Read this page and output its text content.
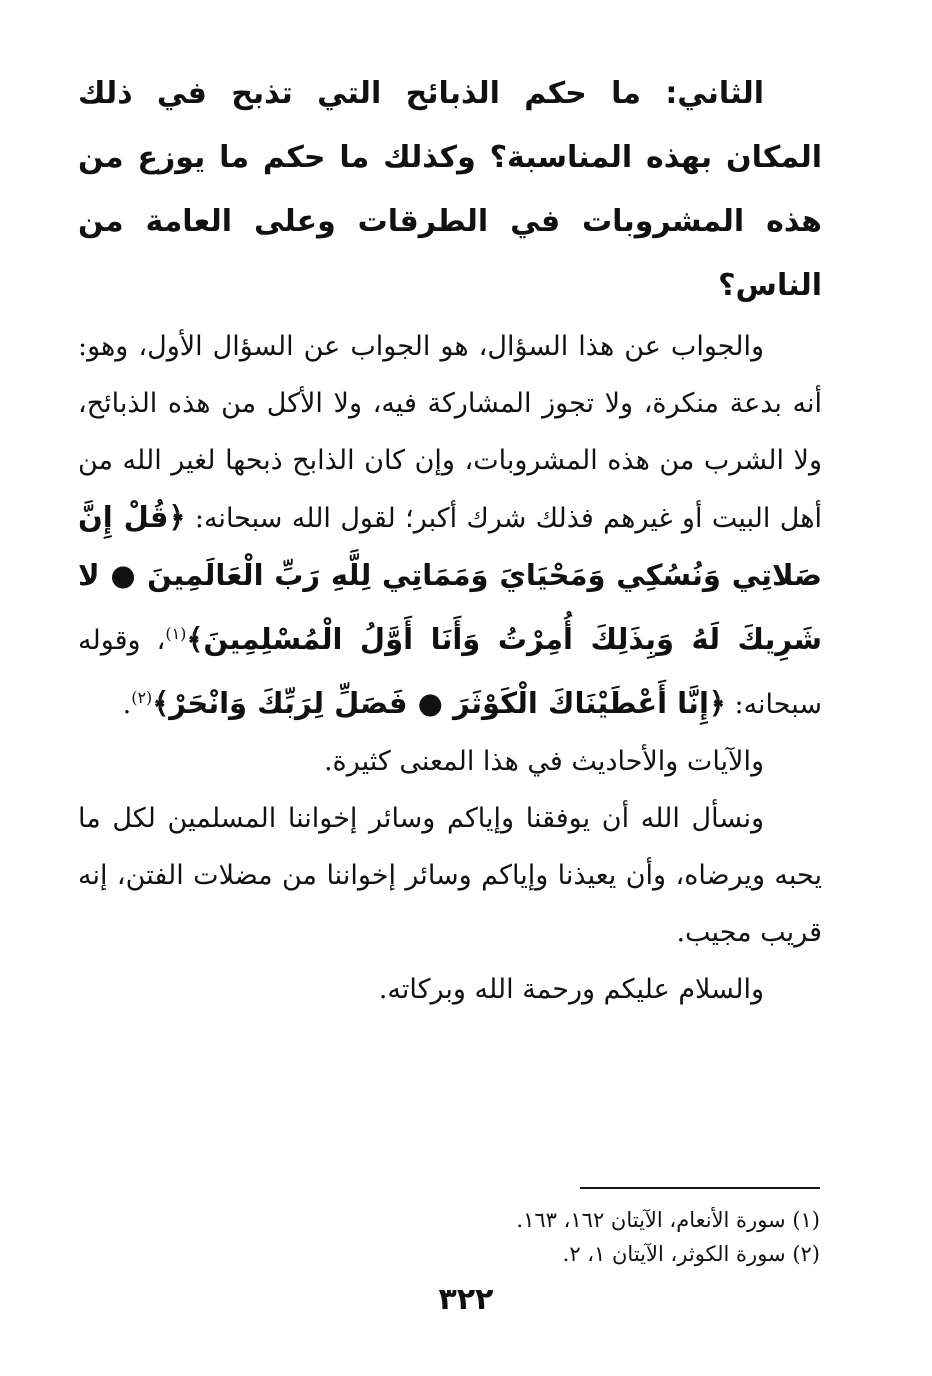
الثاني: ما حكم الذبائح التي تذبح في ذلك المكان بهذه المناسبة؟ وكذلك ما حكم ما يوزع من هذه المشروبات في الطرقات وعلى العامة من الناس؟

والجواب عن هذا السؤال، هو الجواب عن السؤال الأول، وهو: أنه بدعة منكرة، ولا تجوز المشاركة فيه، ولا الأكل من هذه الذبائح، ولا الشرب من هذه المشروبات، وإن كان الذابح ذبحها لغير الله من أهل البيت أو غيرهم فذلك شرك أكبر؛ لقول الله سبحانه: ﴿قُلْ إِنَّ صَلاتِي وَنُسُكِي وَمَحْيَايَ وَمَمَاتِي لِلَّهِ رَبِّ الْعَالَمِينَ ● لا شَرِيكَ لَهُ وَبِذَلِكَ أُمِرْتُ وَأَنَا أَوَّلُ الْمُسْلِمِينَ﴾$^{(١)}$، وقوله سبحانه: ﴿إِنَّا أَعْطَيْنَاكَ الْكَوْثَرَ ● فَصَلِّ لِرَبِّكَ وَانْحَرْ﴾$^{(٢)}$.

والآيات والأحاديث في هذا المعنى كثيرة.

ونسأل الله أن يوفقنا وإياكم وسائر إخواننا المسلمين لكل ما يحبه ويرضاه، وأن يعيذنا وإياكم وسائر إخواننا من مضلات الفتن، إنه قريب مجيب.

والسلام عليكم ورحمة الله وبركاته.

(١) سورة الأنعام، الآيتان ١٦٢، ١٦٣.

(٢) سورة الكوثر، الآيتان ١، ٢.

٣٢٢
